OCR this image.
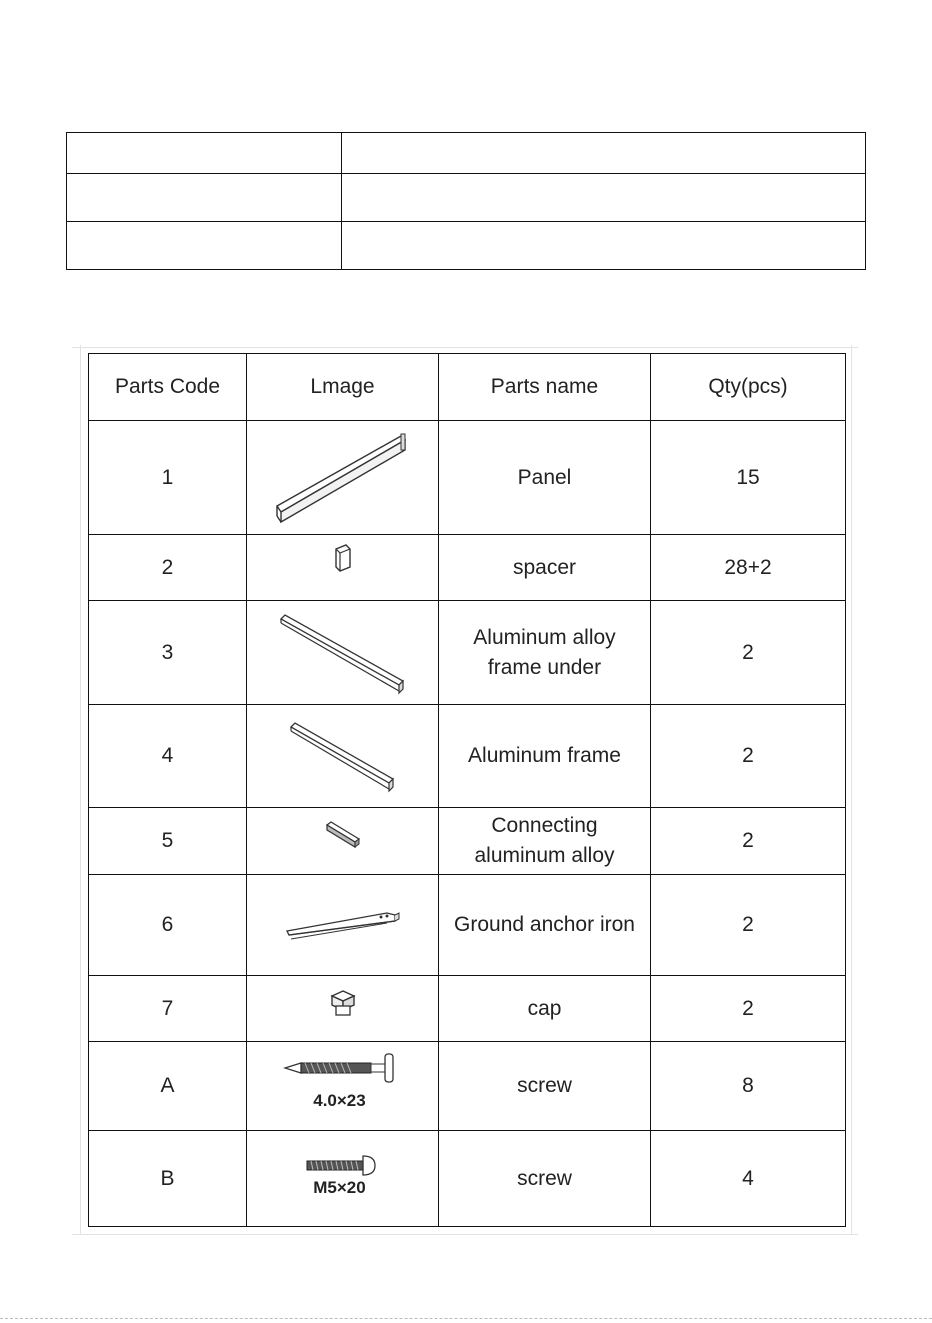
Parts Code	Lmage	Parts name	Qty(pcs)
1		Panel	15
2		spacer	28+2
3		Aluminum alloy
frame under	2
4		Aluminum frame	2
5		Connecting
aluminum alloy	2
6		Ground anchor iron	2
7		cap	2
A	4.0×23	screw	8
B	M5×20	screw	4
